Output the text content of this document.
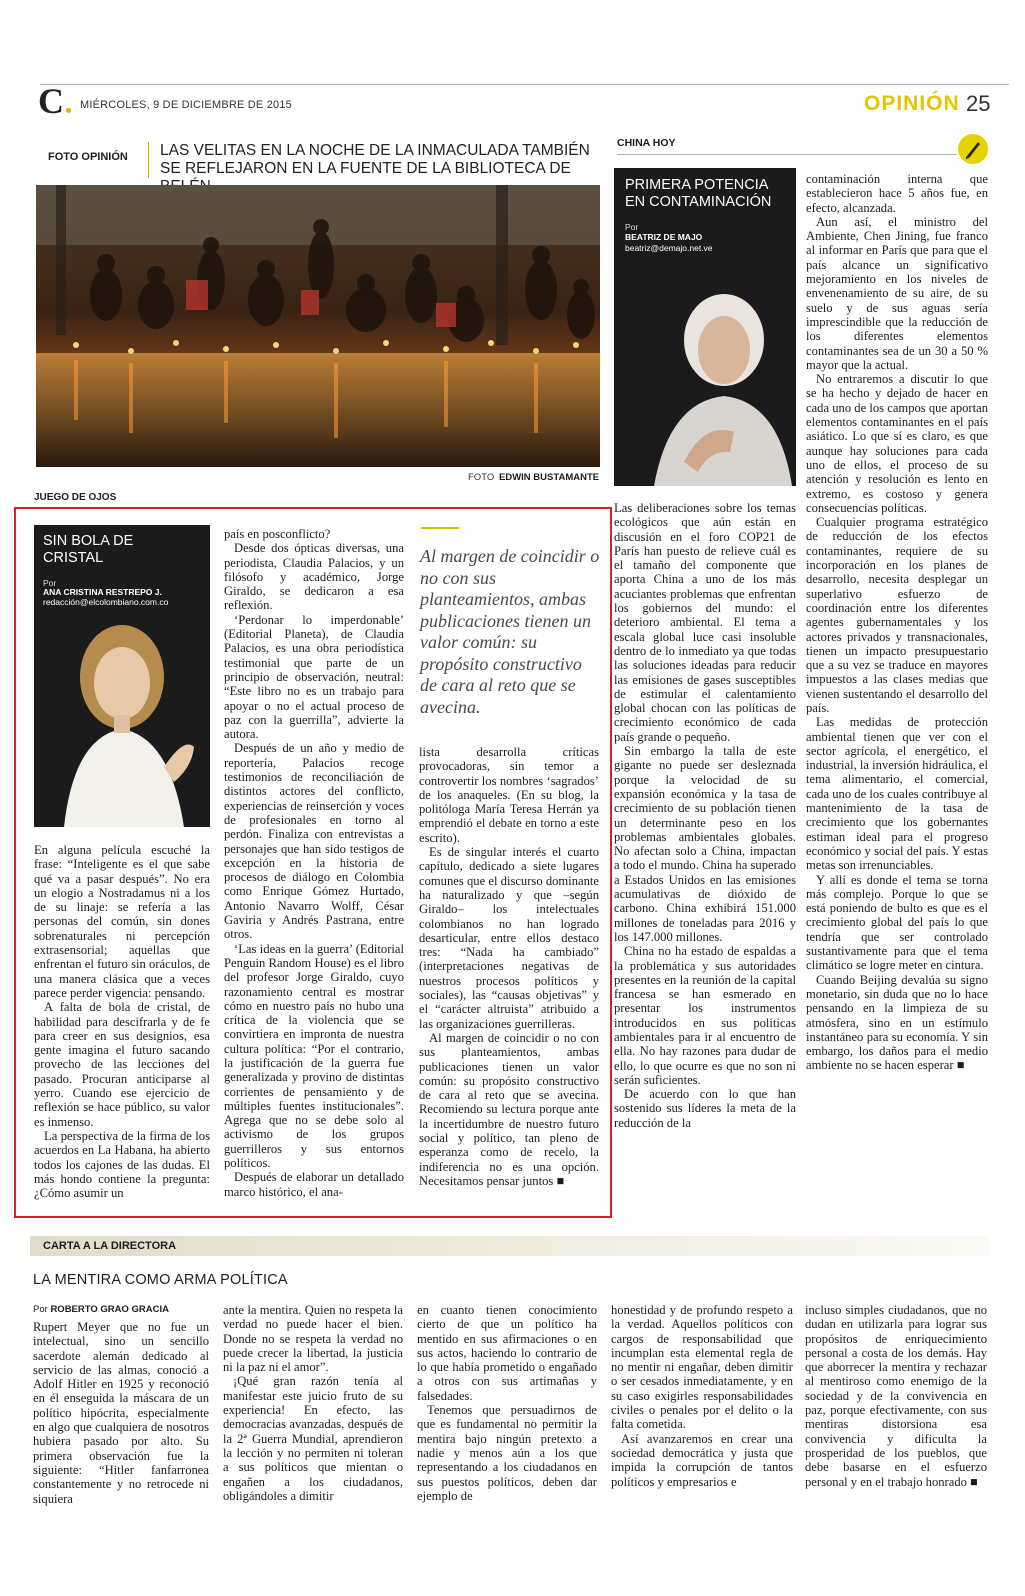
C	MIÉRCOLES, 9 DE DICIEMBRE DE 2015	OPINIÓN 25
FOTO OPINIÓN LAS VELITAS EN LA NOCHE DE LA INMACULADA TAMBIÉN SE REFLEJARON EN LA FUENTE DE LA BIBLIOTECA DE
FOTO EDWIN BUSTAMANTE
JUEGO DE OJOS
SIN BOLA DE CRISTAL
Por
ANA CRISTINA RESTREPO J.
redacción@elcolombiano.com.co

En alguna película escuché la frase: “Inteligente es el que sabe qué va a pasar después”. No era un elogio a Nostradamus ni a los de su linaje: se refería a las personas del común, sin dones sobrenaturales ni percepción extrasensorial; aquellas que enfrentan el futuro sin oráculos, de una manera clásica que a veces parece perder vigencia: pensando.

A falta de bola de cristal, de habilidad para descifrarla y de fe para creer en sus designios, esa gente imagina el futuro sacando provecho de las lecciones del pasado. Procuran anticiparse al yerro. Cuando ese ejercicio de reflexión se hace público, su valor es inmenso.

La perspectiva de la firma de los acuerdos en La Habana, ha abierto todos los cajones de las dudas. El más hondo contiene la pregunta: ¿Cómo asumir un

país en posconflicto?

Desde dos ópticas diversas, una periodista, Claudia Palacios, y un filósofo y académico, Jorge Giraldo, se dedicaron a esa reflexión.

‘Perdonar lo imperdonable’ (Editorial Planeta), de Claudia Palacios, es una obra periodística testimonial que parte de un principio de observación, neutral: “Este libro no es un trabajo para apoyar o no el actual proceso de paz con la guerrilla”, advierte la autora.

Después de un año y medio de reportería, Palacios recoge testimonios de reconciliación de distintos actores del conflicto, experiencias de reinserción y voces de profesionales en torno al perdón. Finaliza con entrevistas a personajes que han sido testigos de excepción en la historia de procesos de diálogo en Colombia como Enrique Gómez Hurtado, Antonio Navarro Wolff, César Gaviria y Andrés Pastrana, entre otros.

‘Las ideas en la guerra’ (Editorial Penguin Random House) es el libro del profesor Jorge Giraldo, cuyo razonamiento central es mostrar cómo en nuestro país no hubo una crítica de la violencia que se convirtiera en impronta de nuestra cultura política: “Por el contrario, la justificación de la guerra fue generalizada y provino de distintas corrientes de pensamiento y de múltiples fuentes institucionales”. Agrega que no se debe solo al activismo de los grupos guerrilleros y sus entornos políticos.

Después de elaborar un detallado marco histórico, el ana-

Al margen de coincidir o no con sus planteamientos, ambas publicaciones tienen un valor común: su propósito constructivo de cara al reto que se avecina.

lista desarrolla críticas provocadoras, sin temor a controvertir los nombres ‘sagrados’ de los anaqueles. (En su blog, la politóloga María Teresa Herrán ya emprendió el debate en torno a este escrito).

Es de singular interés el cuarto capítulo, dedicado a siete lugares comunes que el discurso dominante ha naturalizado y que –según Giraldo– los intelectuales colombianos no han logrado desarticular, entre ellos destaco tres: “Nada ha cambiado” (interpretaciones negativas de nuestros procesos políticos y sociales), las “causas objetivas” y el “carácter altruista” atribuido a las organizaciones guerrilleras.

Al margen de coincidir o no con sus planteamientos, ambas publicaciones tienen un valor común: su propósito constructivo de cara al reto que se avecina. Recomiendo su lectura porque ante la incertidumbre de nuestro futuro social y político, tan pleno de esperanza como de recelo, la indiferencia no es una opción. Necesitamos pensar juntos ■

CHINA HOY
PRIMERA POTENCIA EN CONTAMINACIÓN
Por
BEATRIZ DE MAJO
beatriz@demajo.net.ve

Las deliberaciones sobre los temas ecológicos que aún están en discusión en el foro COP21 de París han puesto de relieve cuál es el tamaño del componente que aporta China a uno de los más acuciantes problemas que enfrentan los gobiernos del mundo: el deterioro ambiental. El tema a escala global luce casi insoluble dentro de lo inmediato ya que todas las soluciones ideadas para reducir las emisiones de gases susceptibles de estimular el calentamiento global chocan con las políticas de crecimiento económico de cada país grande o pequeño.

Sin embargo la talla de este gigante no puede ser desleznada porque la velocidad de su expansión económica y la tasa de crecimiento de su población tienen un determinante peso en los problemas ambientales globales. No afectan solo a China, impactan a todo el mundo. China ha superado a Estados Unidos en las emisiones acumulativas de dióxido de carbono. China exhibirá 151.000 millones de toneladas para 2016 y los 147.000 millones.

China no ha estado de espaldas a la problemática y sus autoridades presentes en la reunión de la capital francesa se han esmerado en presentar los instrumentos introducidos en sus políticas ambientales para ir al encuentro de ella. No hay razones para dudar de ello, lo que ocurre es que no son ni serán suficientes.

De acuerdo con lo que han sostenido sus líderes la meta de la reducción de la

contaminación interna que establecieron hace 5 años fue, en efecto, alcanzada.

Aun así, el ministro del Ambiente, Chen Jining, fue franco al informar en París que para que el país alcance un significativo mejoramiento en los niveles de envenenamiento de su aire, de su suelo y de sus aguas sería imprescindible que la reducción de los diferentes elementos contaminantes sea de un 30 a 50 % mayor que la actual.

No entraremos a discutir lo que se ha hecho y dejado de hacer en cada uno de los campos que aportan elementos contaminantes en el país asiático. Lo que sí es claro, es que aunque hay soluciones para cada uno de ellos, el proceso de su atención y resolución es lento en extremo, es costoso y genera consecuencias políticas.

Cualquier programa estratégico de reducción de los efectos contaminantes, requiere de su incorporación en los planes de desarrollo, necesita desplegar un superlativo esfuerzo de coordinación entre los diferentes agentes gubernamentales y los actores privados y transnacionales, tienen un impacto presupuestario que a su vez se traduce en mayores impuestos a las clases medias que vienen sustentando el desarrollo del país.

Las medidas de protección ambiental tienen que ver con el sector agrícola, el energético, el industrial, la inversión hidráulica, el tema alimentario, el comercial, cada uno de los cuales contribuye al mantenimiento de la tasa de crecimiento que los gobernantes estiman ideal para el progreso económico y social del país. Y estas metas son irrenunciables.

Y allí es donde el tema se torna más complejo. Porque lo que se está poniendo de bulto es que es el crecimiento global del país lo que tendría que ser controlado sustantivamente para que el tema climático se logre meter en cintura.

Cuando Beijing devalúa su signo monetario, sin duda que no lo hace pensando en la limpieza de su atmósfera, sino en un estímulo instantáneo para su economía. Y sin embargo, los daños para el medio ambiente no se hacen esperar ■

CARTA A LA DIRECTORA
LA MENTIRA COMO ARMA POLÍTICA
Por ROBERTO GRAO GRACIA

Rupert Meyer que no fue un intelectual, sino un sencillo sacerdote alemán dedicado al servicio de las almas, conoció a Adolf Hitler en 1925 y reconoció en él enseguida la máscara de un político hipócrita, especialmente en algo que cualquiera de nosotros hubiera pasado por alto. Su primera observación fue la siguiente: “Hitler fanfarronea constantemente y no retrocede ni siquiera

ante la mentira. Quien no respeta la verdad no puede hacer el bien. Donde no se respeta la verdad no puede crecer la libertad, la justicia ni la paz ni el amor”.

¡Qué gran razón tenía al manifestar este juicio fruto de su experiencia! En efecto, las democracias avanzadas, después de la 2ª Guerra Mundial, aprendieron la lección y no permiten ni toleran a sus políticos que mientan o engañen a los ciudadanos, obligándoles a dimitir

en cuanto tienen conocimiento cierto de que un político ha mentido en sus afirmaciones o en sus actos, haciendo lo contrario de lo que había prometido o engañado a otros con sus artimañas y falsedades.

Tenemos que persuadirnos de que es fundamental no permitir la mentira bajo ningún pretexto a nadie y menos aún a los que representando a los ciudadanos en sus puestos políticos, deben dar ejemplo de

honestidad y de profundo respeto a la verdad. Aquellos políticos con cargos de responsabilidad que incumplan esta elemental regla de no mentir ni engañar, deben dimitir o ser cesados inmediatamente, y en su caso exigirles responsabilidades civiles o penales por el delito o la falta cometida.

Así avanzaremos en crear una sociedad democrática y justa que impida la corrupción de tantos políticos y empresarios e

incluso simples ciudadanos, que no dudan en utilizarla para lograr sus propósitos de enriquecimiento personal a costa de los demás. Hay que aborrecer la mentira y rechazar al mentiroso como enemigo de la sociedad y de la convivencia en paz, porque efectivamente, con sus mentiras distorsiona esa convivencia y dificulta la prosperidad de los pueblos, que debe basarse en el esfuerzo personal y en el trabajo honrado ■
